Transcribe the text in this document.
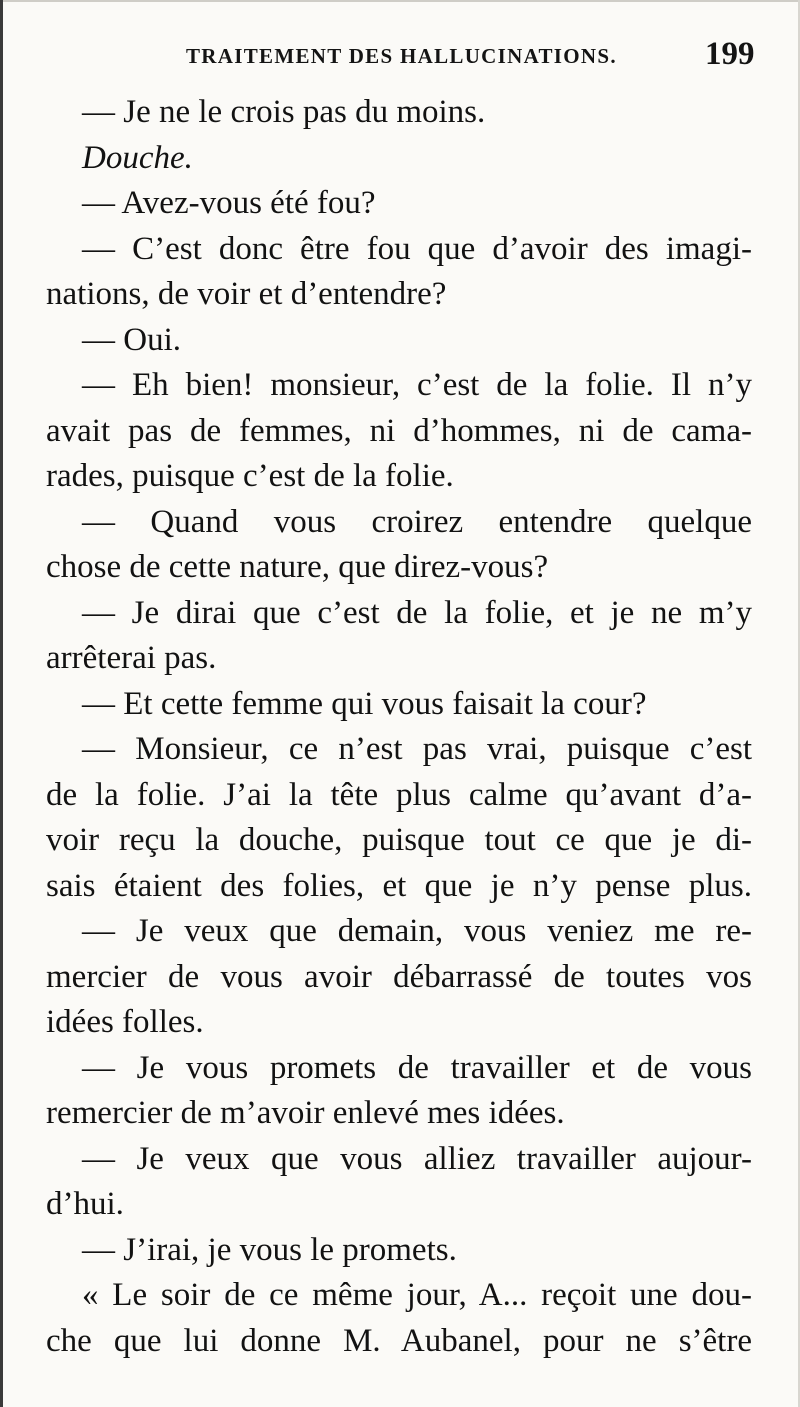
TRAITEMENT DES HALLUCINATIONS.	199
— Je ne le crois pas du moins.
Douche.
— Avez-vous été fou?
— C’est donc être fou que d’avoir des imagi-
nations, de voir et d’entendre?
— Oui.
— Eh bien! monsieur, c’est de la folie. Il n’y
avait pas de femmes, ni d’hommes, ni de cama-
rades, puisque c’est de la folie.
— Quand vous croirez entendre quelque
chose de cette nature, que direz-vous?
— Je dirai que c’est de la folie, et je ne m’y
arrêterai pas.
— Et cette femme qui vous faisait la cour?
— Monsieur, ce n’est pas vrai, puisque c’est
de la folie. J’ai la tête plus calme qu’avant d’a-
voir reçu la douche, puisque tout ce que je di-
sais étaient des folies, et que je n’y pense plus.
— Je veux que demain, vous veniez me re-
mercier de vous avoir débarrassé de toutes vos
idées folles.
— Je vous promets de travailler et de vous
remercier de m’avoir enlevé mes idées.
— Je veux que vous alliez travailler aujour-
d’hui.
— J’irai, je vous le promets.
« Le soir de ce même jour, A... reçoit une dou-
che que lui donne M. Aubanel, pour ne s’être
